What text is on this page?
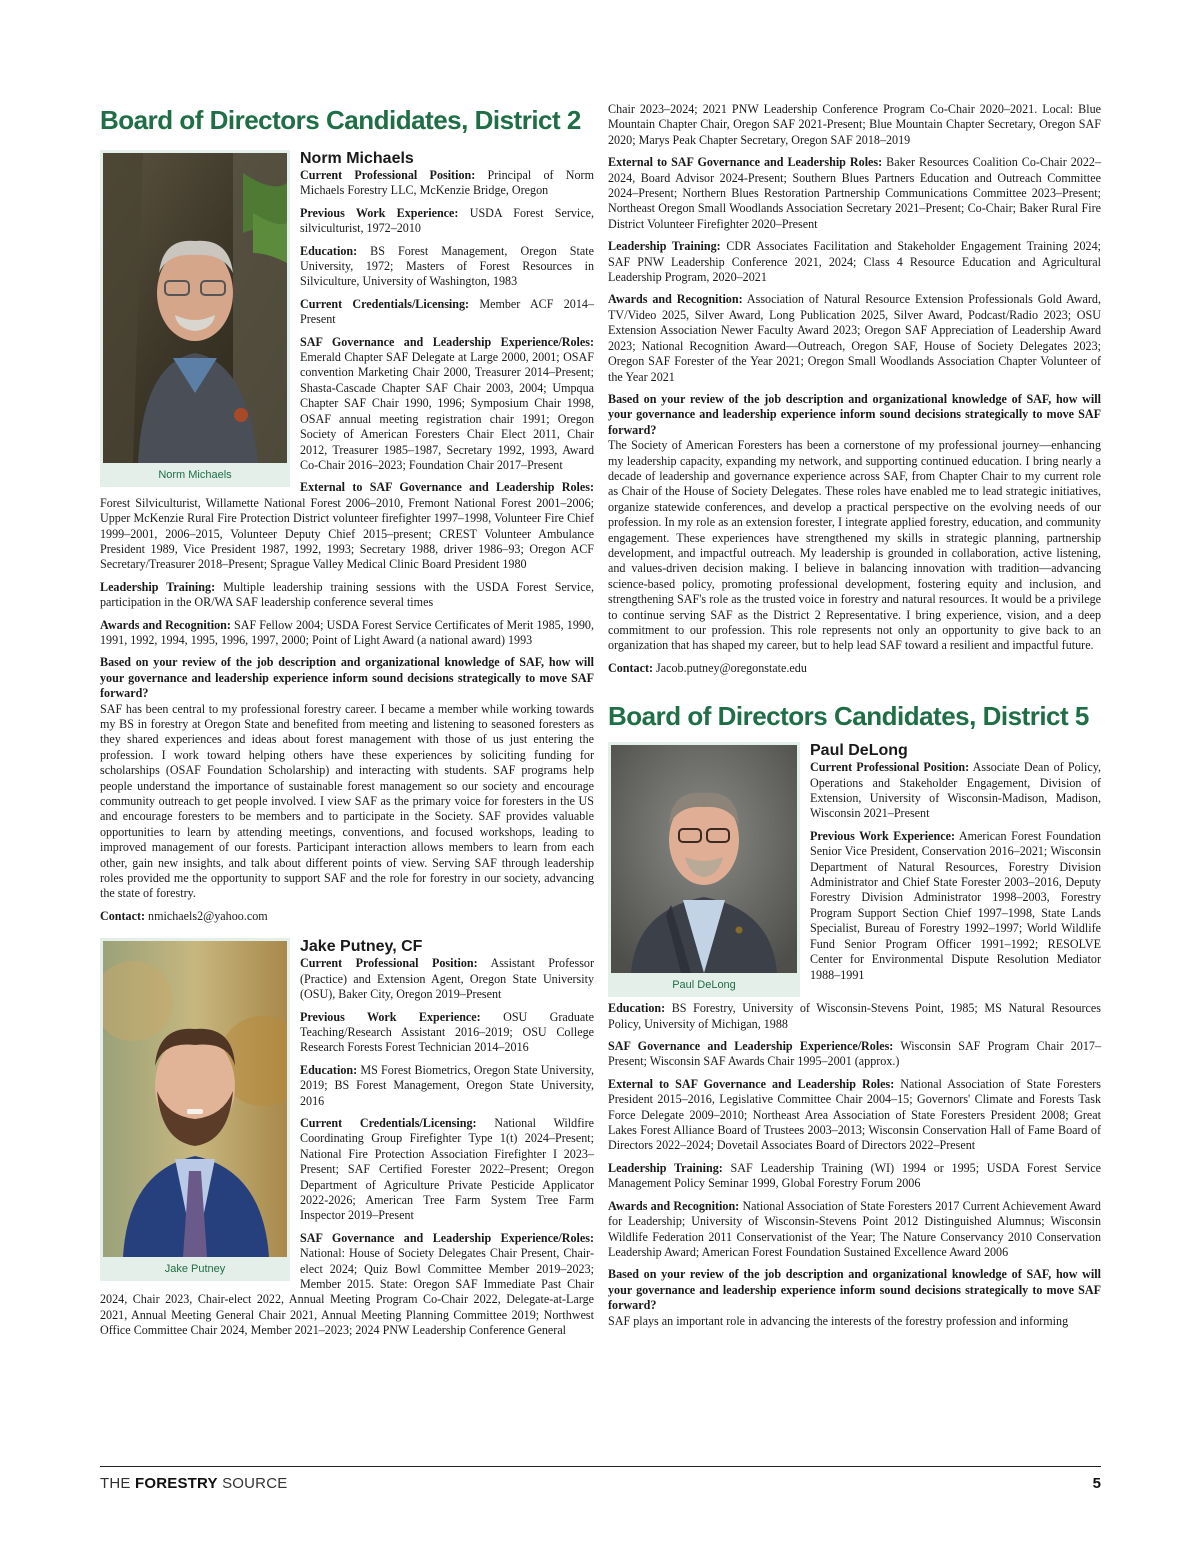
Board of Directors Candidates, District 2
Norm Michaels
Norm Michaels

Current Professional Position: Principal of Norm Michaels Forestry LLC, McKenzie Bridge, Oregon

Previous Work Experience: USDA Forest Service, silviculturist, 1972–2010

Education: BS Forest Management, Oregon State University, 1972; Masters of Forest Resources in Silviculture, University of Washington, 1983

Current Credentials/Licensing: Member ACF 2014–Present

SAF Governance and Leadership Experience/Roles: Emerald Chapter SAF Delegate at Large 2000, 2001; OSAF convention Marketing Chair 2000, Treasurer 2014–Present; Shasta-Cascade Chapter SAF Chair 2003, 2004; Umpqua Chapter SAF Chair 1990, 1996; Symposium Chair 1998, OSAF annual meeting registration chair 1991; Oregon Society of American Foresters Chair Elect 2011, Chair 2012, Treasurer 1985–1987, Secretary 1992, 1993, Award Co-Chair 2016–2023; Foundation Chair 2017–Present

External to SAF Governance and Leadership Roles: Forest Silviculturist, Willamette National Forest 2006–2010, Fremont National Forest 2001–2006; Upper McKenzie Rural Fire Protection District volunteer firefighter 1997–1998, Volunteer Fire Chief 1999–2001, 2006–2015, Volunteer Deputy Chief 2015–present; CREST Volunteer Ambulance President 1989, Vice President 1987, 1992, 1993; Secretary 1988, driver 1986–93; Oregon ACF Secretary/Treasurer 2018–Present; Sprague Valley Medical Clinic Board President 1980

Leadership Training: Multiple leadership training sessions with the USDA Forest Service, participation in the OR/WA SAF leadership conference several times

Awards and Recognition: SAF Fellow 2004; USDA Forest Service Certificates of Merit 1985, 1990, 1991, 1992, 1994, 1995, 1996, 1997, 2000; Point of Light Award (a national award) 1993

Based on your review of the job description and organizational knowledge of SAF, how will your governance and leadership experience inform sound decisions strategically to move SAF forward?

SAF has been central to my professional forestry career. I became a member while working towards my BS in forestry at Oregon State and benefited from meeting and listening to seasoned foresters as they shared experiences and ideas about forest management with those of us just entering the profession. I work toward helping others have these experiences by soliciting funding for scholarships (OSAF Foundation Scholarship) and interacting with students. SAF programs help people understand the importance of sustainable forest management so our society and encourage community outreach to get people involved. I view SAF as the primary voice for foresters in the US and encourage foresters to be members and to participate in the Society. SAF provides valuable opportunities to learn by attending meetings, conventions, and focused workshops, leading to improved management of our forests. Participant interaction allows members to learn from each other, gain new insights, and talk about different points of view. Serving SAF through leadership roles provided me the opportunity to support SAF and the role for forestry in our society, advancing the state of forestry.

Contact: nmichaels2@yahoo.com

Jake Putney
Jake Putney, CF

Current Professional Position: Assistant Professor (Practice) and Extension Agent, Oregon State University (OSU), Baker City, Oregon 2019–Present

Previous Work Experience: OSU Graduate Teaching/Research Assistant 2016–2019; OSU College Research Forests Forest Technician 2014–2016

Education: MS Forest Biometrics, Oregon State University, 2019; BS Forest Management, Oregon State University, 2016

Current Credentials/Licensing: National Wildfire Coordinating Group Firefighter Type 1(t) 2024–Present; National Fire Protection Association Firefighter I 2023–Present; SAF Certified Forester 2022–Present; Oregon Department of Agriculture Private Pesticide Applicator 2022-2026; American Tree Farm System Tree Farm Inspector 2019–Present

SAF Governance and Leadership Experience/Roles: National: House of Society Delegates Chair Present, Chair-elect 2024; Quiz Bowl Committee Member 2019–2023; Member 2015. State: Oregon SAF Immediate Past Chair 2024, Chair 2023, Chair-elect 2022, Annual Meeting Program Co-Chair 2022, Delegate-at-Large 2021, Annual Meeting General Chair 2021, Annual Meeting Planning Committee 2019; Northwest Office Committee Chair 2024, Member 2021–2023; 2024 PNW Leadership Conference General

Chair 2023–2024; 2021 PNW Leadership Conference Program Co-Chair 2020–2021. Local: Blue Mountain Chapter Chair, Oregon SAF 2021-Present; Blue Mountain Chapter Secretary, Oregon SAF 2020; Marys Peak Chapter Secretary, Oregon SAF 2018–2019

External to SAF Governance and Leadership Roles: Baker Resources Coalition Co-Chair 2022–2024, Board Advisor 2024-Present; Southern Blues Partners Education and Outreach Committee 2024–Present; Northern Blues Restoration Partnership Communications Committee 2023–Present; Northeast Oregon Small Woodlands Association Secretary 2021–Present; Co-Chair; Baker Rural Fire District Volunteer Firefighter 2020–Present

Leadership Training: CDR Associates Facilitation and Stakeholder Engagement Training 2024; SAF PNW Leadership Conference 2021, 2024; Class 4 Resource Education and Agricultural Leadership Program, 2020–2021

Awards and Recognition: Association of Natural Resource Extension Professionals Gold Award, TV/Video 2025, Silver Award, Long Publication 2025, Silver Award, Podcast/Radio 2023; OSU Extension Association Newer Faculty Award 2023; Oregon SAF Appreciation of Leadership Award 2023; National Recognition Award—Outreach, Oregon SAF, House of Society Delegates 2023; Oregon SAF Forester of the Year 2021; Oregon Small Woodlands Association Chapter Volunteer of the Year 2021

Based on your review of the job description and organizational knowledge of SAF, how will your governance and leadership experience inform sound decisions strategically to move SAF forward?

The Society of American Foresters has been a cornerstone of my professional journey—enhancing my leadership capacity, expanding my network, and supporting continued education. I bring nearly a decade of leadership and governance experience across SAF, from Chapter Chair to my current role as Chair of the House of Society Delegates. These roles have enabled me to lead strategic initiatives, organize statewide conferences, and develop a practical perspective on the evolving needs of our profession. In my role as an extension forester, I integrate applied forestry, education, and community engagement. These experiences have strengthened my skills in strategic planning, partnership development, and impactful outreach. My leadership is grounded in collaboration, active listening, and values-driven decision making. I believe in balancing innovation with tradition—advancing science-based policy, promoting professional development, fostering equity and inclusion, and strengthening SAF's role as the trusted voice in forestry and natural resources. It would be a privilege to continue serving SAF as the District 2 Representative. I bring experience, vision, and a deep commitment to our profession. This role represents not only an opportunity to give back to an organization that has shaped my career, but to help lead SAF toward a resilient and impactful future.

Contact: Jacob.putney@oregonstate.edu

Board of Directors Candidates, District 5
Paul DeLong
Paul DeLong

Current Professional Position: Associate Dean of Policy, Operations and Stakeholder Engagement, Division of Extension, University of Wisconsin-Madison, Madison, Wisconsin 2021–Present

Previous Work Experience: American Forest Foundation Senior Vice President, Conservation 2016–2021; Wisconsin Department of Natural Resources, Forestry Division Administrator and Chief State Forester 2003–2016, Deputy Forestry Division Administrator 1998–2003, Forestry Program Support Section Chief 1997–1998, State Lands Specialist, Bureau of Forestry 1992–1997; World Wildlife Fund Senior Program Officer 1991–1992; RESOLVE Center for Environmental Dispute Resolution Mediator 1988–1991

Education: BS Forestry, University of Wisconsin-Stevens Point, 1985; MS Natural Resources Policy, University of Michigan, 1988

SAF Governance and Leadership Experience/Roles: Wisconsin SAF Program Chair 2017–Present; Wisconsin SAF Awards Chair 1995–2001 (approx.)

External to SAF Governance and Leadership Roles: National Association of State Foresters President 2015–2016, Legislative Committee Chair 2004–15; Governors' Climate and Forests Task Force Delegate 2009–2010; Northeast Area Association of State Foresters President 2008; Great Lakes Forest Alliance Board of Trustees 2003–2013; Wisconsin Conservation Hall of Fame Board of Directors 2022–2024; Dovetail Associates Board of Directors 2022–Present

Leadership Training: SAF Leadership Training (WI) 1994 or 1995; USDA Forest Service Management Policy Seminar 1999, Global Forestry Forum 2006

Awards and Recognition: National Association of State Foresters 2017 Current Achievement Award for Leadership; University of Wisconsin-Stevens Point 2012 Distinguished Alumnus; Wisconsin Wildlife Federation 2011 Conservationist of the Year; The Nature Conservancy 2010 Conservation Leadership Award; American Forest Foundation Sustained Excellence Award 2006

Based on your review of the job description and organizational knowledge of SAF, how will your governance and leadership experience inform sound decisions strategically to move SAF forward?

SAF plays an important role in advancing the interests of the forestry profession and informing

THE FORESTRY SOURCE	5
